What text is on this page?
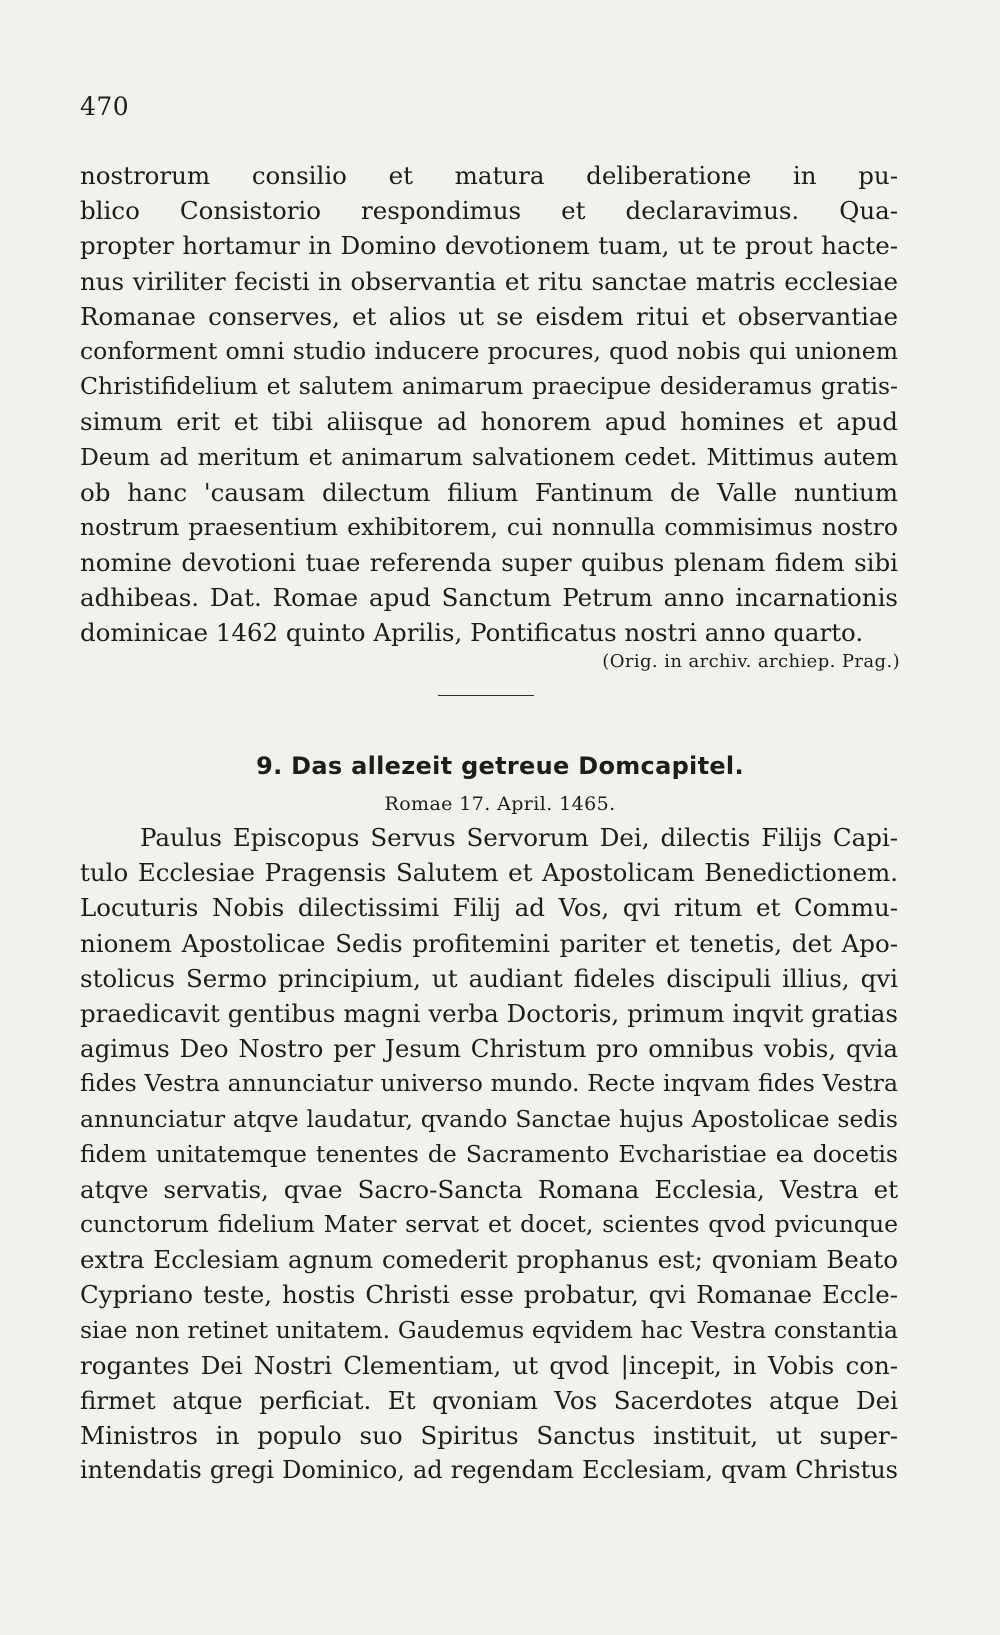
470
nostrorum consilio et matura deliberatione in pu-
blico Consistorio respondimus et declaravimus. Qua-
propter hortamur in Domino devotionem tuam, ut te prout hacte-
nus viriliter fecisti in observantia et ritu sanctae matris ecclesiae
Romanae conserves, et alios ut se eisdem ritui et observantiae
conforment omni studio inducere procures, quod nobis qui unionem
Christifidelium et salutem animarum praecipue desideramus gratis-
simum erit et tibi aliisque ad honorem apud homines et apud
Deum ad meritum et animarum salvationem cedet. Mittimus autem
ob hanc 'causam dilectum filium Fantinum de Valle nuntium
nostrum praesentium exhibitorem, cui nonnulla commisimus nostro
nomine devotioni tuae referenda super quibus plenam fidem sibi
adhibeas. Dat. Romae apud Sanctum Petrum anno incarnationis
dominicae 1462 quinto Aprilis, Pontificatus nostri anno quarto.
(Orig. in archiv. archiep. Prag.)
9. Das allezeit getreue Domcapitel.
Romae 17. April. 1465.
Paulus Episcopus Servus Servorum Dei, dilectis Filijs Capi-
tulo Ecclesiae Pragensis Salutem et Apostolicam Benedictionem.
Locuturis Nobis dilectissimi Filij ad Vos, qvi ritum et Commu-
nionem Apostolicae Sedis profitemini pariter et tenetis, det Apo-
stolicus Sermo principium, ut audiant fideles discipuli illius, qvi
praedicavit gentibus magni verba Doctoris, primum inqvit gratias
agimus Deo Nostro per Jesum Christum pro omnibus vobis, qvia
fides Vestra annunciatur universo mundo. Recte inqvam fides Vestra
annunciatur atqve laudatur, qvando Sanctae hujus Apostolicae sedis
fidem unitatemque tenentes de Sacramento Evcharistiae ea docetis
atqve servatis, qvae Sacro-Sancta Romana Ecclesia, Vestra et
cunctorum fidelium Mater servat et docet, scientes qvod pvicunque
extra Ecclesiam agnum comederit prophanus est; qvoniam Beato
Cypriano teste, hostis Christi esse probatur, qvi Romanae Eccle-
siae non retinet unitatem. Gaudemus eqvidem hac Vestra constantia
rogantes Dei Nostri Clementiam, ut qvod |incepit, in Vobis con-
firmet atque perficiat. Et qvoniam Vos Sacerdotes atque Dei
Ministros in populo suo Spiritus Sanctus instituit, ut super-
intendatis gregi Dominico, ad regendam Ecclesiam, qvam Christus
